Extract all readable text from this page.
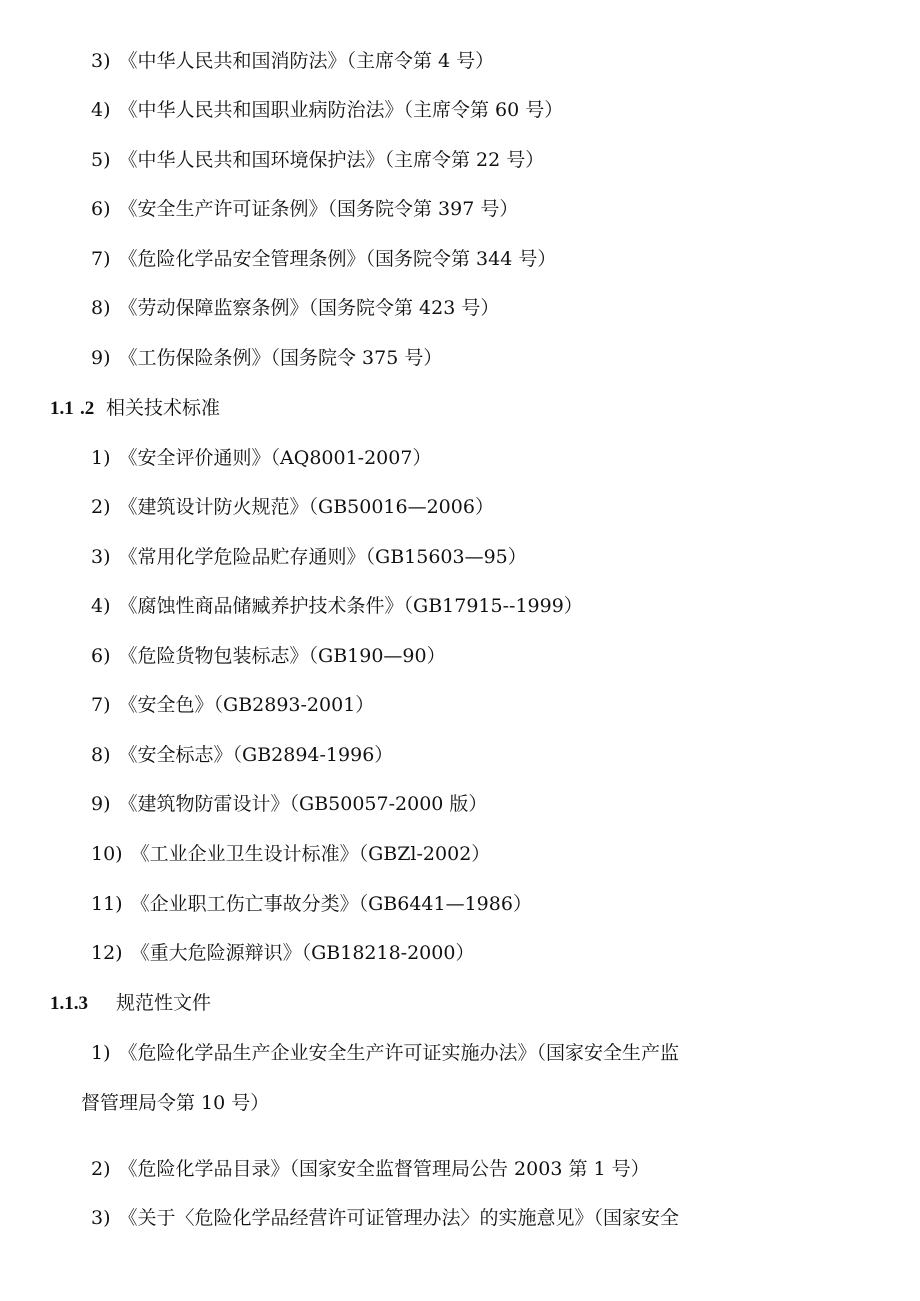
3) 《中华人民共和国消防法》（主席令第 4 号）
4) 《中华人民共和国职业病防治法》（主席令第 60 号）
5) 《中华人民共和国环境保护法》（主席令第 22 号）
6) 《安全生产许可证条例》（国务院令第 397 号）
7) 《危险化学品安全管理条例》（国务院令第 344 号）
8) 《劳动保障监察条例》（国务院令第 423 号）
9) 《工伤保险条例》（国务院令 375 号）
1.1 .2 相关技术标准
1) 《安全评价通则》（AQ8001-2007）
2) 《建筑设计防火规范》（GB50016—2006）
3) 《常用化学危险品贮存通则》（GB15603—95）
4) 《腐蚀性商品储臧养护技术条件》（GB17915--1999）
6) 《危险货物包装标志》（GB190—90）
7) 《安全色》（GB2893-2001）
8) 《安全标志》（GB2894-1996）
9) 《建筑物防雷设计》（GB50057-2000 版）
10) 《工业企业卫生设计标准》（GBZl-2002）
11) 《企业职工伤亡事故分类》（GB6441—1986）
12) 《重大危险源辩识》（GB18218-2000）
1.1.3 规范性文件
1) 《危险化学品生产企业安全生产许可证实施办法》（国家安全生产监
督管理局令第 10 号）
2) 《危险化学品目录》（国家安全监督管理局公告 2003 第 1 号）
3) 《关于〈危险化学品经营许可证管理办法〉的实施意见》（国家安全
